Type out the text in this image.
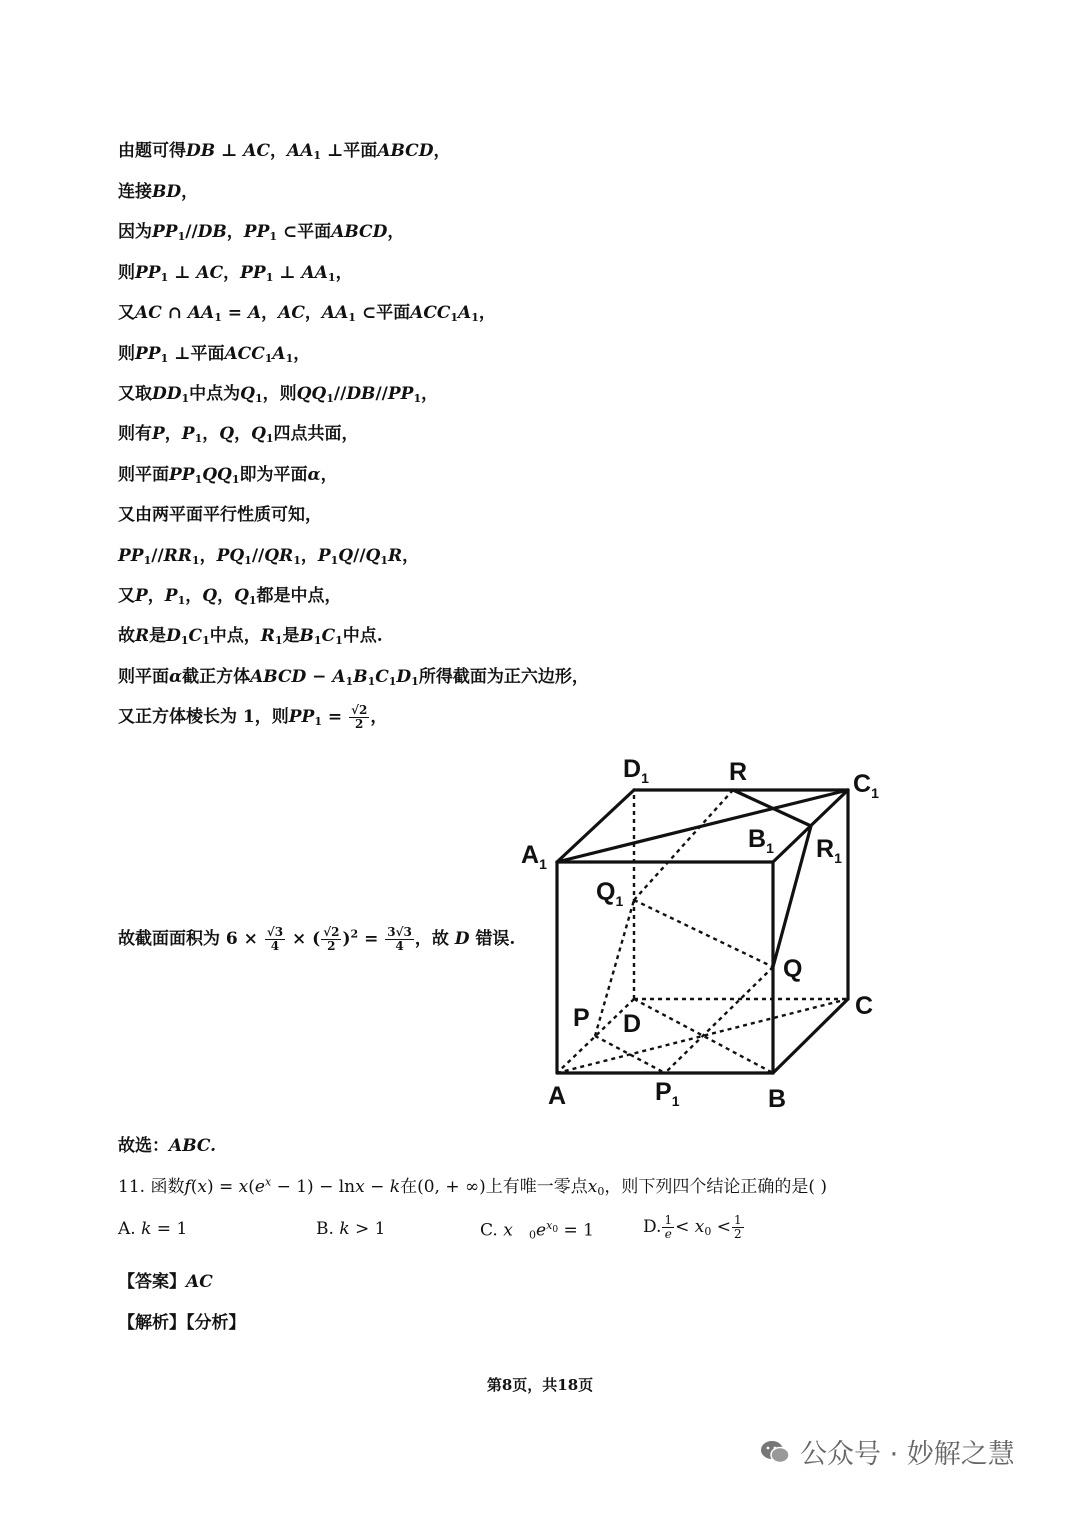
由题可得DB ⊥ AC，$AA_1$ ⊥平面ABCD，
连接BD，
因为$PP_1//DB$，$PP_1$ ⊂平面ABCD，
则$PP_1$ ⊥ AC，$PP_1$ ⊥ $AA_1$，
又AC ∩ $AA_1 = A$，AC，$AA_1$ ⊂平面$ACC_1A_1$，
则$PP_1$ ⊥平面$ACC_1A_1$，
又取$DD_1$中点为$Q_1$，则$QQ_1//DB//PP_1$，
则有P，$P_1$，Q，$Q_1$四点共面，
则平面$PP_1QQ_1$即为平面α，
又由两平面平行性质可知，
$PP_1//RR_1$，$PQ_1//QR_1$，$P_1Q//Q_1R$，
又P，$P_1$，Q，$Q_1$都是中点，
故R是$D_1C_1$中点，$R_1$是$B_1C_1$中点.
则平面α截正方体ABCD − $A_1B_1C_1D_1$所得截面为正六边形，
又正方体棱长为 1，则$PP_1 = \frac{√2}{2}$ ，
故截面面积为 $6 \times \frac{√3}{4}$ × ( $\frac{√2}{2} )^2 = \frac{3√3}{4}$ ，故 D 错误.
$D_1$	R	$C_1$
$A_1$
$B_1$ $R_1$
$Q_1$
Q
P D
C
A	$P_1$	B
故选：ABC.
11. 函数$f(x) = x(e^x - 1) - \ln x - k$在(0, + ∞)上有唯一零点$x_0$，则下列四个结论正确的是( )
A. k = 1	B. k > 1	C. x $_0e^{x_0} = 1$	D. $\frac{1}{e} < x_0 < \frac{1}{2}$
【答案】AC
【解析】【分析】
第8页，共18页
公众号 · 妙解之慧
